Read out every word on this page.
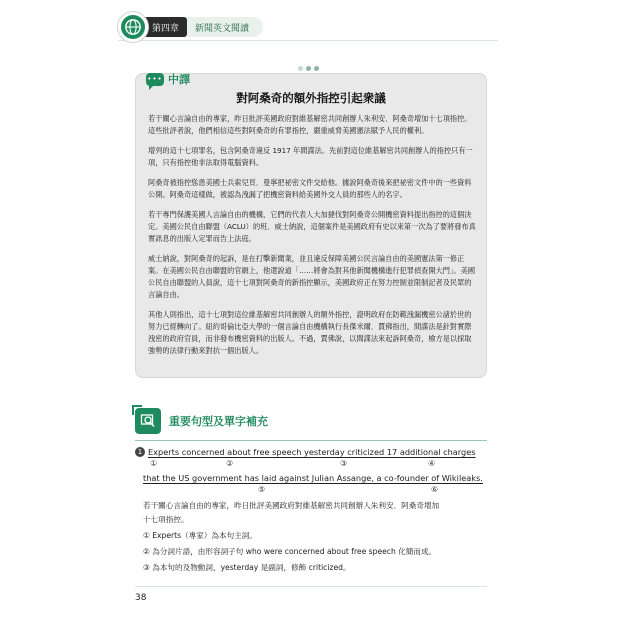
第四章	新聞英文閱讀
••• 中譯
對阿桑奇的額外指控引起衆議

若干關心言論自由的專家，昨日批評美國政府對維基解密共同創辦人朱利安．阿桑奇增加十七項指控。這些批評者說，他們相信這些對阿桑奇的有罪指控，嚴重威脅美國憲法賦予人民的權利。

增列的這十七項罪名，包含阿桑奇違反 1917 年間諜法。先前對這位維基解密共同創辦人的指控只有一項，只有指控他非法取得電腦資料。

阿桑奇被指控慫恿美國士兵索兒頁．曼寧把祕密文件交給他。據說阿桑奇後來把祕密文件中的一些資料公開。阿桑奇這樣做，被認為洩漏了把機密資料給美國外交人員的那些人的名字。

若干專門保護美國人言論自由的機構，它們的代表人大加撻伐對阿桑奇公開機密資料提出指控的這個決定。美國公民自由聯盟（ACLU）的班．威士納說，這個案件是美國政府有史以來第一次為了要將發布真實訊息的出版人定罪而告上法庭。

威士納說，對阿桑奇的起訴，是在打擊新聞業，並且違反保障美國公民言論自由的美國憲法第一修正案。在美國公民自由聯盟的官網上，他還說道「……將會為對其他新聞機構進行犯罪偵查開大門」。美國公民自由聯盟的人員說，這十七項對阿桑奇的新指控顯示，美國政府正在努力控制並限制記者及民眾的言論自由。

其他人則指出，這十七項對這位維基解密共同創辦人的額外指控，證明政府在防範洩漏機密公諸於世的努力已經轉向了。紐約哥倫比亞大學的一個言論自由機構執行長傑米爾．賈佛指出，間諜法是針對實際洩密的政府官員，而非發布機密資料的出版人。不過，賈佛說，以間諜法來起訴阿桑奇，檢方是以採取強勢的法律行動來對抗一個出版人。

重要句型及單字補充
1 Experts concerned about free speech yesterday criticized 17 additional charges
①	②	③	④
that the US government has laid against Julian Assange, a co-founder of Wikileaks.
⑤	⑥
若干關心言論自由的專家，昨日批評美國政府對維基解密共同創辦人朱利安．阿桑奇增加
十七項指控。
① Experts（專家）為本句主詞。
② 為分詞片語，由形容詞子句 who were concerned about free speech 化簡而成。
③ 為本句的及物動詞，yesterday 是副詞，修飾 criticized。
38
